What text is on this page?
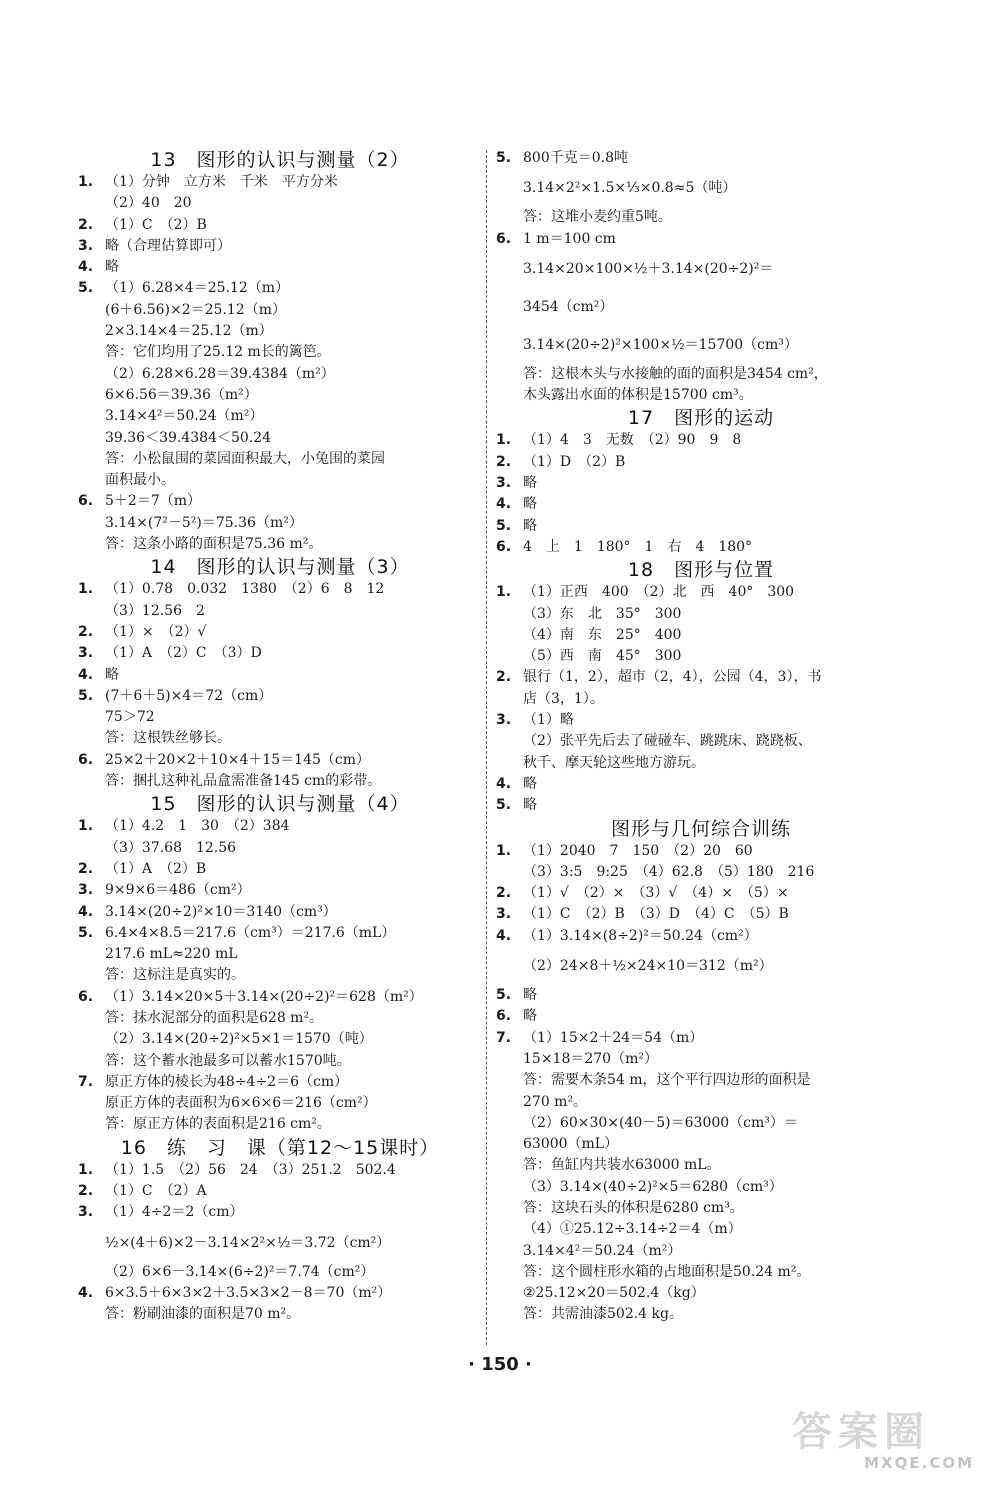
13　图形的认识与测量（2）
1. （1）分钟　立方米　千米　平方分米
（2）40　20
2. （1）C　（2）B
3. 略（合理估算即可）
4. 略
5. （1）6.28×4＝25.12（m）
(6＋6.56)×2＝25.12（m）
2×3.14×4＝25.12（m）
答：它们均用了25.12 m长的篱笆。
（2）6.28×6.28＝39.4384（m²）
6×6.56＝39.36（m²）
3.14×4²＝50.24（m²）
39.36＜39.4384＜50.24
答：小松鼠围的菜园面积最大，小兔围的菜园
面积最小。
6. 5＋2＝7（m）
3.14×(7²－5²)＝75.36（m²）
答：这条小路的面积是75.36 m²。
14　图形的认识与测量（3）
1. （1）0.78　0.032　1380　（2）6　8　12
（3）12.56　2
2. （1）×　（2）√
3. （1）A　（2）C　（3）D
4. 略
5. (7＋6＋5)×4＝72（cm）
75＞72
答：这根铁丝够长。
6. 25×2＋20×2＋10×4＋15＝145（cm）
答：捆扎这种礼品盒需准备145 cm的彩带。
15　图形的认识与测量（4）
1. （1）4.2　1　30　（2）384
（3）37.68　12.56
2. （1）A　（2）B
3. 9×9×6＝486（cm²）
4. 3.14×(20÷2)²×10＝3140（cm³）
5. 6.4×4×8.5＝217.6（cm³）＝217.6（mL）
217.6 mL≈220 mL
答：这标注是真实的。
6. （1）3.14×20×5＋3.14×(20÷2)²＝628（m²）
答：抹水泥部分的面积是628 m²。
（2）3.14×(20÷2)²×5×1＝1570（吨）
答：这个蓄水池最多可以蓄水1570吨。
7. 原正方体的棱长为48÷4÷2＝6（cm）
原正方体的表面积为6×6×6＝216（cm²）
答：原正方体的表面积是216 cm²。
16　练　习　课（第12～15课时）
1. （1）1.5　（2）56　24　（3）251.2　502.4
2. （1）C　（2）A
3. （1）4÷2＝2（cm）
½×(4＋6)×2－3.14×2²×½＝3.72（cm²）
（2）6×6－3.14×(6÷2)²＝7.74（cm²）
4. 6×3.5＋6×3×2＋3.5×3×2－8＝70（m²）
答：粉刷油漆的面积是70 m²。
5. 800千克＝0.8吨
3.14×2²×1.5×⅓×0.8≈5（吨）
答：这堆小麦约重5吨。
6. 1 m＝100 cm
3.14×20×100×½＋3.14×(20÷2)²＝
3454（cm²）
3.14×(20÷2)²×100×½＝15700（cm³）
答：这根木头与水接触的面的面积是3454 cm²，
木头露出水面的体积是15700 cm³。
17　图形的运动
1. （1）4　3　无数　（2）90　9　8
2. （1）D　（2）B
3. 略
4. 略
5. 略
6. 4　上　1　180°　1　右　4　180°
18　图形与位置
1. （1）正西　400　（2）北　西　40°　300
（3）东　北　35°　300
（4）南　东　25°　400
（5）西　南　45°　300
2. 银行（1，2），超市（2，4），公园（4，3），书
店（3，1）。
3. （1）略
（2）张平先后去了碰碰车、跳跳床、跷跷板、
秋千、摩天轮这些地方游玩。
4. 略
5. 略
图形与几何综合训练
1. （1）2040　7　150　（2）20　60
（3）3:5　9:25　（4）62.8　（5）180　216
2. （1）√　（2）×　（3）√　（4）×　（5）×
3. （1）C　（2）B　（3）D　（4）C　（5）B
4. （1）3.14×(8÷2)²＝50.24（cm²）
（2）24×8＋½×24×10＝312（m²）
5. 略
6. 略
7. （1）15×2＋24＝54（m）
15×18＝270（m²）
答：需要木条54 m，这个平行四边形的面积是
270 m²。
（2）60×30×(40－5)＝63000（cm³）＝
63000（mL）
答：鱼缸内共装水63000 mL。
（3）3.14×(40÷2)²×5＝6280（cm³）
答：这块石头的体积是6280 cm³。
（4）①25.12÷3.14÷2＝4（m）
3.14×4²＝50.24（m²）
答：这个圆柱形水箱的占地面积是50.24 m²。
②25.12×20＝502.4（kg）
答：共需油漆502.4 kg。
· 150 ·
答案圈
MXQE.COM
